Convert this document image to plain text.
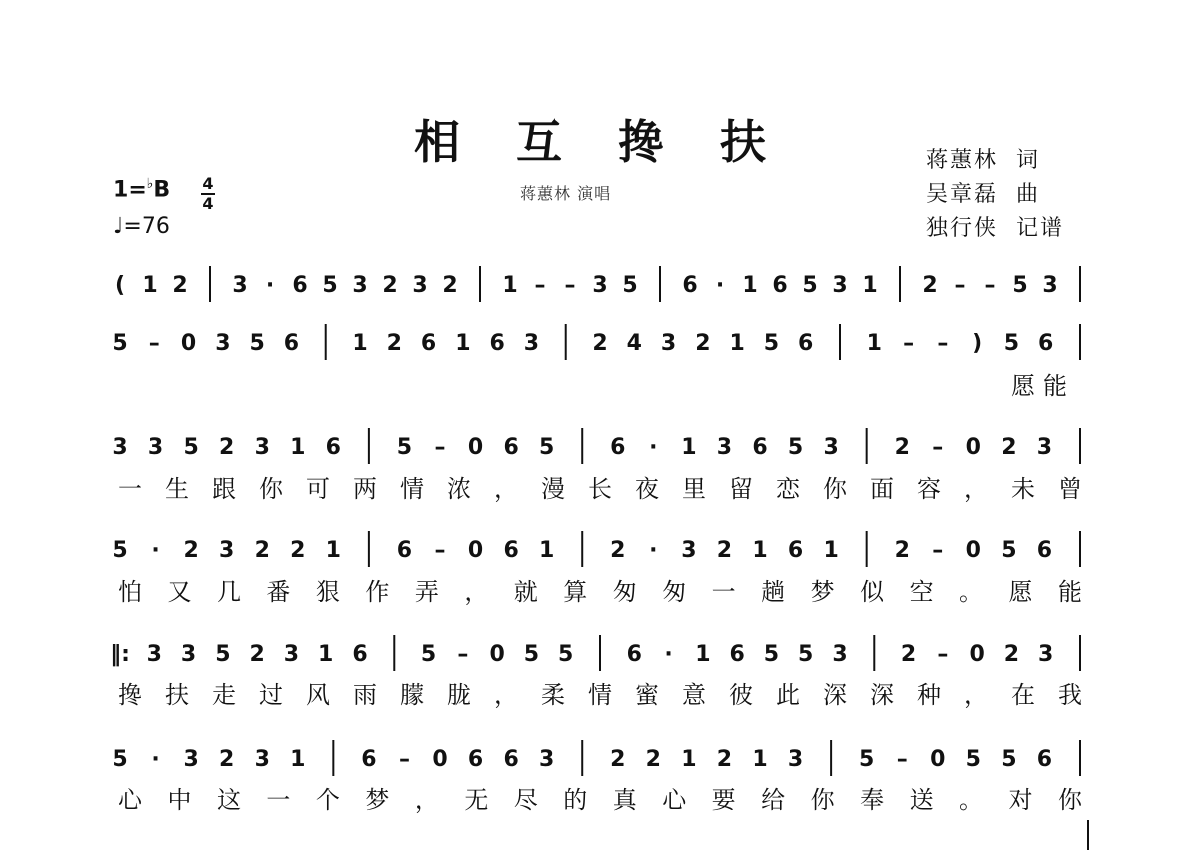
相 互 搀 扶
蒋蕙林 演唱
蒋蕙林  词
吴章磊  曲
独行侠  记谱
1=♭B 4
4
♩=76
( 1 2 3 · 6 5 3 2 3 2 1 – – 3 5 6 · 1 6 5 3 1 2 – – 5 3
5 – 0 3 5 6 1 2 6 1 6 3 2 4 3 2 1 5 6 1 – – ) 5 6
愿 能
3 3 5 2 3 1 6	5 – 0 6 5	6 · 1 3 6 5 3	2 – 0 2 3
一 生 跟 你 可 两 情 浓 ， 漫 长 夜 里 留 恋 你 面 容 ， 未 曾
5 · 2 3 2 2 1	6 – 0 6 1	2 · 3 2 1 6 1	2 – 0 5 6
怕 又 几 番 狠 作 弄 ， 就 算 匆 匆 一 趟 梦 似 空 。 愿 能
‖: 3 3 5 2 3 1 6 5 – 0 5 5 6 · 1 6 5 5 3 2 – 0 2 3
搀 扶 走 过 风 雨 朦 胧 ， 柔 情 蜜 意 彼 此 深 深 种 ， 在 我
5 · 3 2 3 1	6 – 0 6 6 3	2 2 1 2 1 3	5 – 0 5 5 6
心 中 这 一 个 梦 ， 无 尽 的 真 心 要 给 你 奉 送 。 对 你
